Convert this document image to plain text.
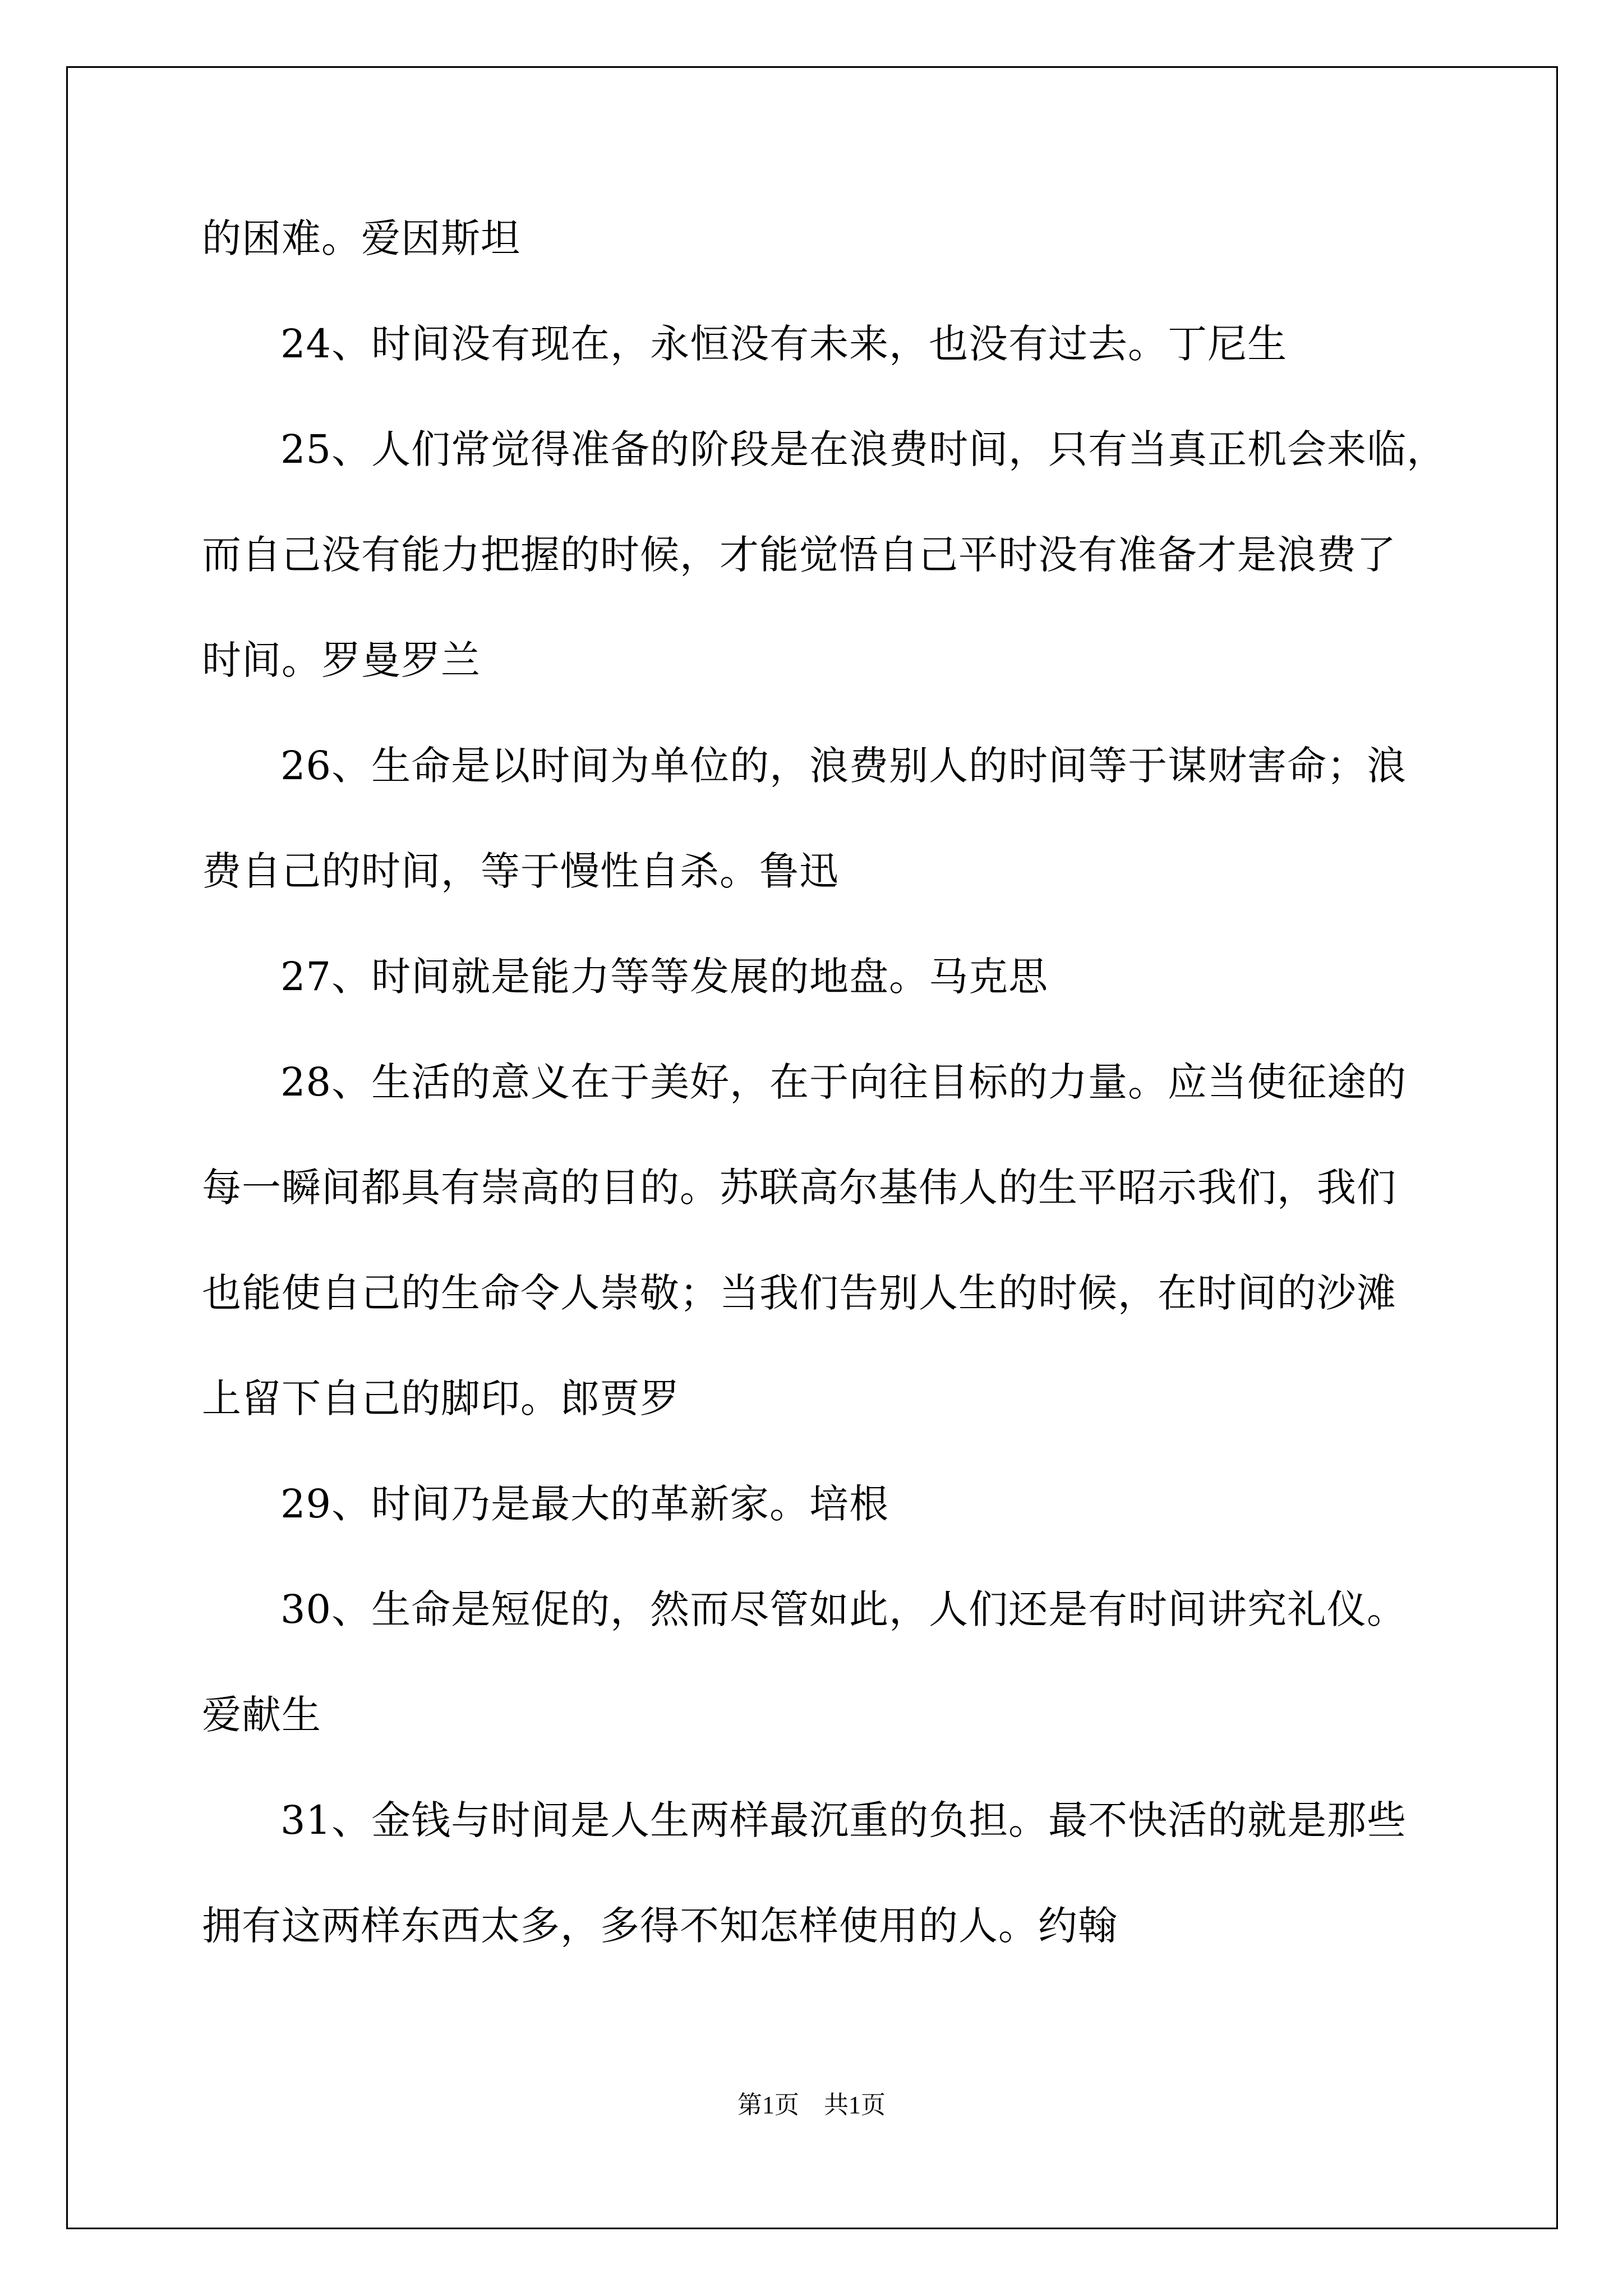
的困难。爱因斯坦
24、时间没有现在，永恒没有未来，也没有过去。丁尼生
25、人们常觉得准备的阶段是在浪费时间，只有当真正机会来临，
而自己没有能力把握的时候，才能觉悟自己平时没有准备才是浪费了
时间。罗曼罗兰
26、生命是以时间为单位的，浪费别人的时间等于谋财害命；浪
费自己的时间，等于慢性自杀。鲁迅
27、时间就是能力等等发展的地盘。马克思
28、生活的意义在于美好，在于向往目标的力量。应当使征途的
每一瞬间都具有崇高的目的。苏联高尔基伟人的生平昭示我们，我们
也能使自己的生命令人崇敬；当我们告别人生的时候，在时间的沙滩
上留下自己的脚印。郎贾罗
29、时间乃是最大的革新家。培根
30、生命是短促的，然而尽管如此，人们还是有时间讲究礼仪。
爱献生
31、金钱与时间是人生两样最沉重的负担。最不快活的就是那些
拥有这两样东西太多，多得不知怎样使用的人。约翰
第1页　共1页
